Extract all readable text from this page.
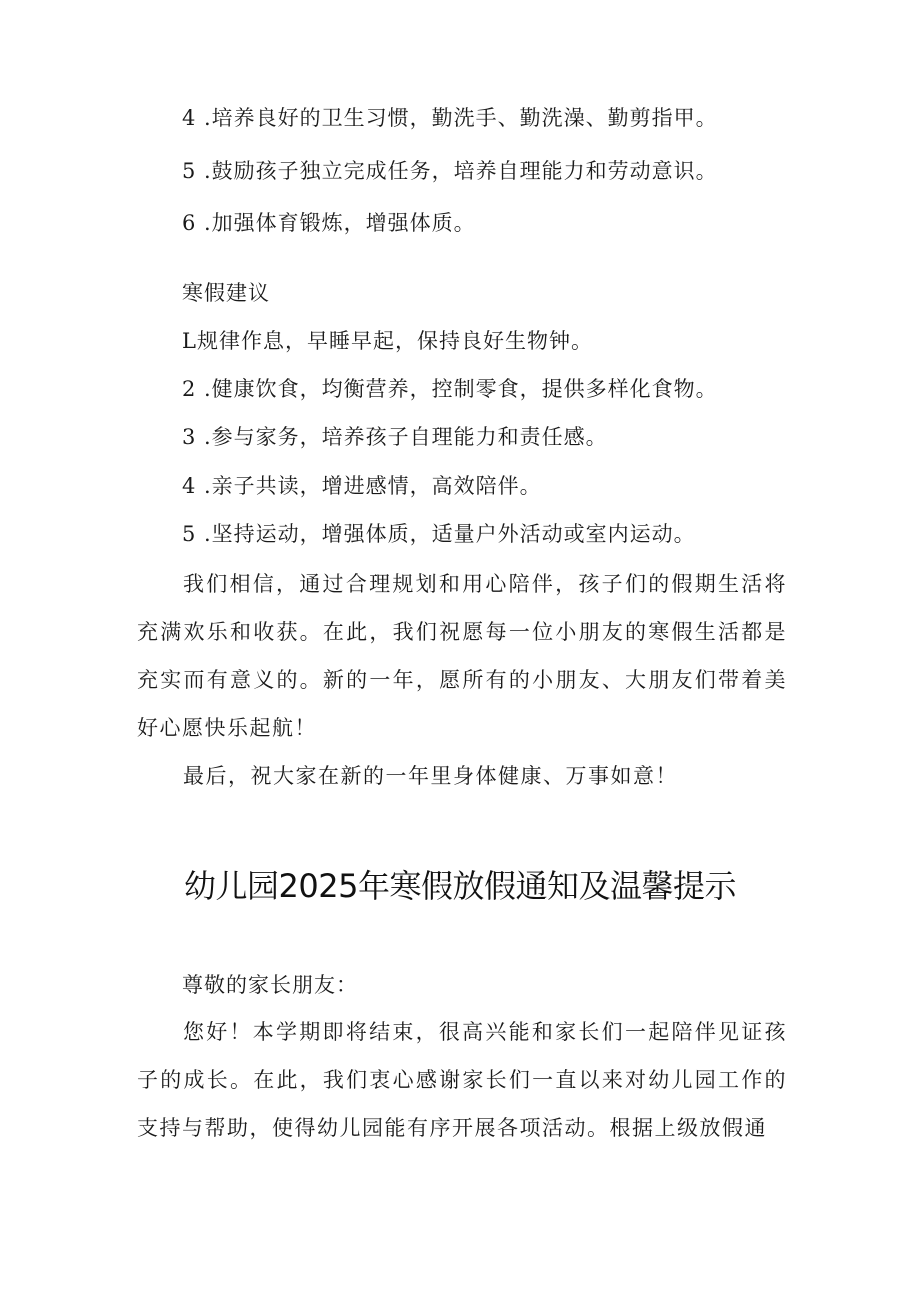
4 .培养良好的卫生习惯，勤洗手、勤洗澡、勤剪指甲。
5 .鼓励孩子独立完成任务，培养自理能力和劳动意识。
6 .加强体育锻炼，增强体质。
寒假建议
L规律作息，早睡早起，保持良好生物钟。
2 .健康饮食，均衡营养，控制零食，提供多样化食物。
3 .参与家务，培养孩子自理能力和责任感。
4 .亲子共读，增进感情，高效陪伴。
5 .坚持运动，增强体质，适量户外活动或室内运动。
我们相信，通过合理规划和用心陪伴，孩子们的假期生活将充满欢乐和收获。在此，我们祝愿每一位小朋友的寒假生活都是充实而有意义的。新的一年，愿所有的小朋友、大朋友们带着美好心愿快乐起航！
最后，祝大家在新的一年里身体健康、万事如意！
幼儿园2025年寒假放假通知及温馨提示
尊敬的家长朋友：
您好！本学期即将结束，很高兴能和家长们一起陪伴见证孩子的成长。在此，我们衷心感谢家长们一直以来对幼儿园工作的支持与帮助，使得幼儿园能有序开展各项活动。根据上级放假通
